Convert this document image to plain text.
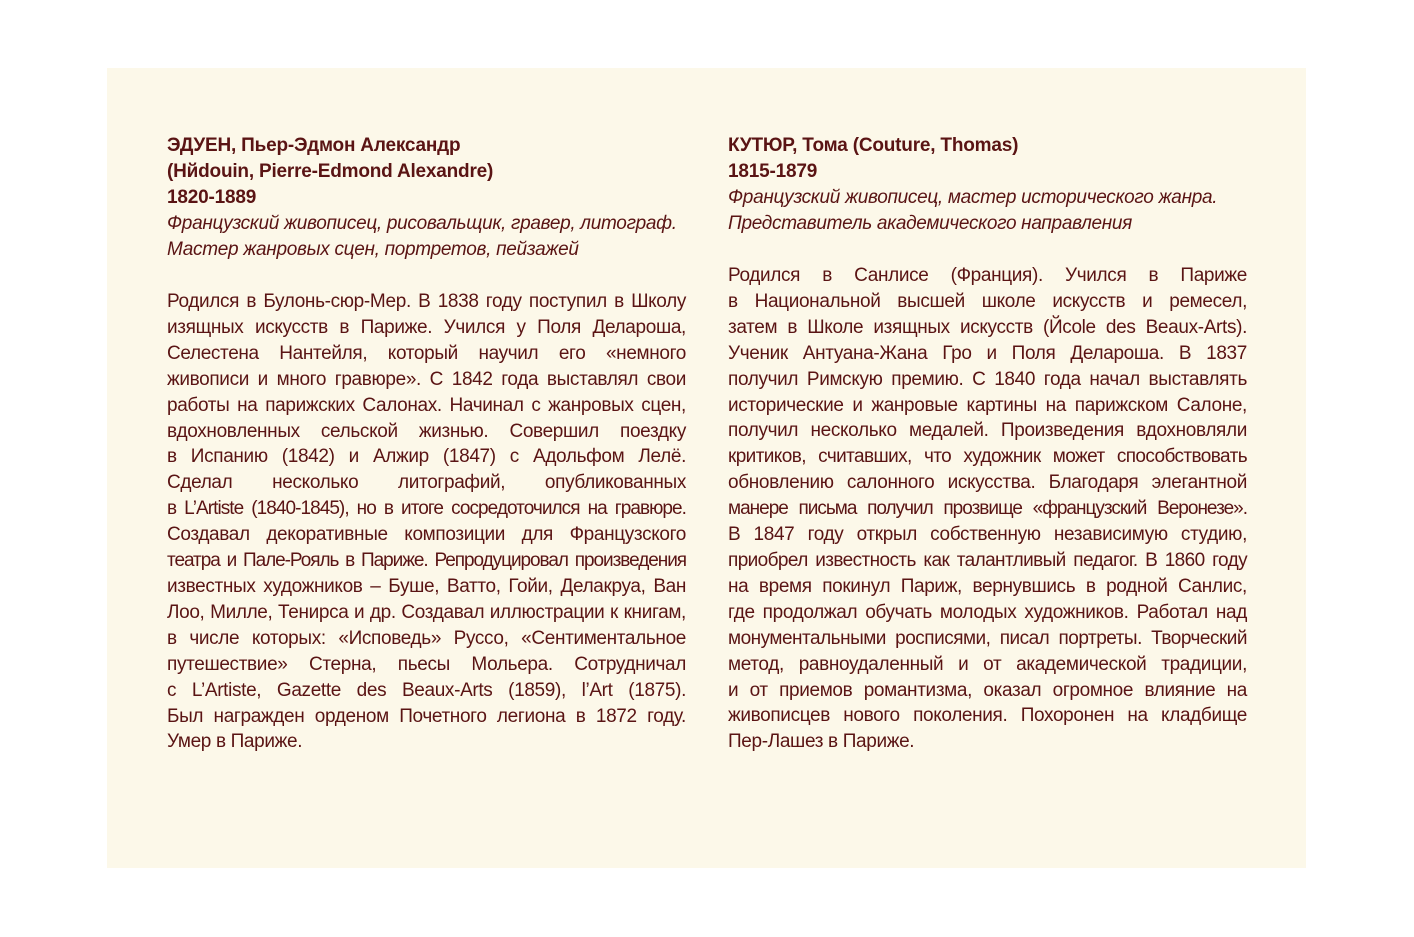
ЭДУЕН, Пьер-Эдмон Александр
(Hйdouin, Pierre-Edmond Alexandre)
1820-1889
Французский живописец, рисовальщик, гравер, литограф.
Мастер жанровых сцен, портретов, пейзажей
Родился в Булонь-сюр-Мер. В 1838 году поступил в Школу
изящных искусств в Париже. Учился у Поля Делароша,
Селестена Нантейля, который научил его «немного
живописи и много гравюре». С 1842 года выставлял свои
работы на парижских Салонах. Начинал с жанровых сцен,
вдохновленных сельской жизнью. Совершил поездку
в Испанию (1842) и Алжир (1847) с Адольфом Лелё.
Сделал несколько литографий, опубликованных
в L’Artiste (1840-1845), но в итоге сосредоточился на гравюре.
Создавал декоративные композиции для Французского
театра и Пале-Рояль в Париже. Репродуцировал произведения
известных художников – Буше, Ватто, Гойи, Делакруа, Ван
Лоо, Милле, Тенирса и др. Создавал иллюстрации к книгам,
в числе которых: «Исповедь» Руссо, «Сентиментальное
путешествие» Стерна, пьесы Мольера. Сотрудничал
с L’Artiste, Gazette des Beaux-Arts (1859), l’Art (1875).
Был награжден орденом Почетного легиона в 1872 году.
Умер в Париже.
КУТЮР, Тома (Couture, Thomas)
1815-1879
Французский живописец, мастер исторического жанра.
Представитель академического направления
Родился в Санлисе (Франция). Учился в Париже
в Национальной высшей школе искусств и ремесел,
затем в Школе изящных искусств (Йcole des Beaux-Arts).
Ученик Антуана-Жана Гро и Поля Делароша. В 1837
получил Римскую премию. С 1840 года начал выставлять
исторические и жанровые картины на парижском Салоне,
получил несколько медалей. Произведения вдохновляли
критиков, считавших, что художник может способствовать
обновлению салонного искусства. Благодаря элегантной
манере письма получил прозвище «французский Веронезе».
В 1847 году открыл собственную независимую студию,
приобрел известность как талантливый педагог. В 1860 году
на время покинул Париж, вернувшись в родной Санлис,
где продолжал обучать молодых художников. Работал над
монументальными росписями, писал портреты. Творческий
метод, равноудаленный и от академической традиции,
и от приемов романтизма, оказал огромное влияние на
живописцев нового поколения. Похоронен на кладбище
Пер-Лашез в Париже.
